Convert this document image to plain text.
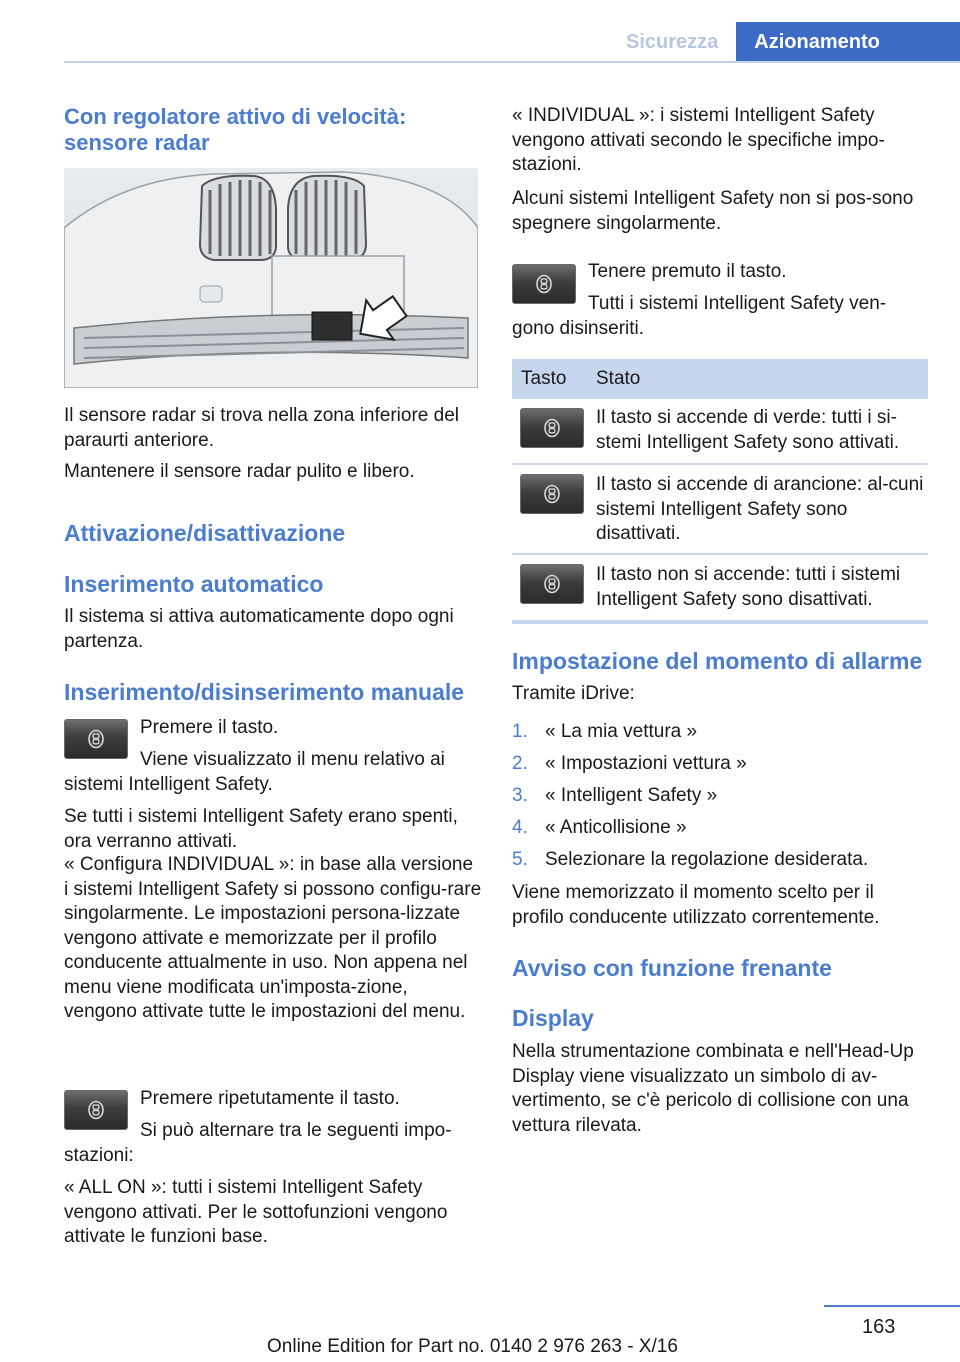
Sicurezza	Azionamento
Con regolatore attivo di velocità: sensore radar
Il sensore radar si trova nella zona inferiore del paraurti anteriore.
Mantenere il sensore radar pulito e libero.
Attivazione/disattivazione
Inserimento automatico
Il sistema si attiva automaticamente dopo ogni partenza.
Inserimento/disinserimento manuale
Premere il tasto.
Viene visualizzato il menu relativo ai sistemi Intelligent Safety.
Se tutti i sistemi Intelligent Safety erano spenti, ora verranno attivati.
« Configura INDIVIDUAL »: in base alla versione i sistemi Intelligent Safety si possono configu‐rare singolarmente. Le impostazioni persona‐lizzate vengono attivate e memorizzate per il profilo conducente attualmente in uso. Non appena nel menu viene modificata un'imposta‐zione, vengono attivate tutte le impostazioni del menu.
Premere ripetutamente il tasto.
Si può alternare tra le seguenti impo‐stazioni:
« ALL ON »: tutti i sistemi Intelligent Safety vengono attivati. Per le sottofunzioni vengono attivate le funzioni base.
« INDIVIDUAL »: i sistemi Intelligent Safety vengono attivati secondo le specifiche impo‐stazioni.
Alcuni sistemi Intelligent Safety non si pos‐sono spegnere singolarmente.
Tenere premuto il tasto.
Tutti i sistemi Intelligent Safety ven‐gono disinseriti.
Tasto Stato
Il tasto si accende di verde: tutti i si‐stemi Intelligent Safety sono attivati.
Il tasto si accende di arancione: al‐cuni sistemi Intelligent Safety sono disattivati.
Il tasto non si accende: tutti i sistemi Intelligent Safety sono disattivati.
Impostazione del momento di allarme
Tramite iDrive:
1. « La mia vettura »
2. « Impostazioni vettura »
3. « Intelligent Safety »
4. « Anticollisione »
5. Selezionare la regolazione desiderata.
Viene memorizzato il momento scelto per il profilo conducente utilizzato correntemente.
Avviso con funzione frenante
Display
Nella strumentazione combinata e nell'Head-Up Display viene visualizzato un simbolo di av‐vertimento, se c'è pericolo di collisione con una vettura rilevata.
163
Online Edition for Part no. 0140 2 976 263 - X/16
